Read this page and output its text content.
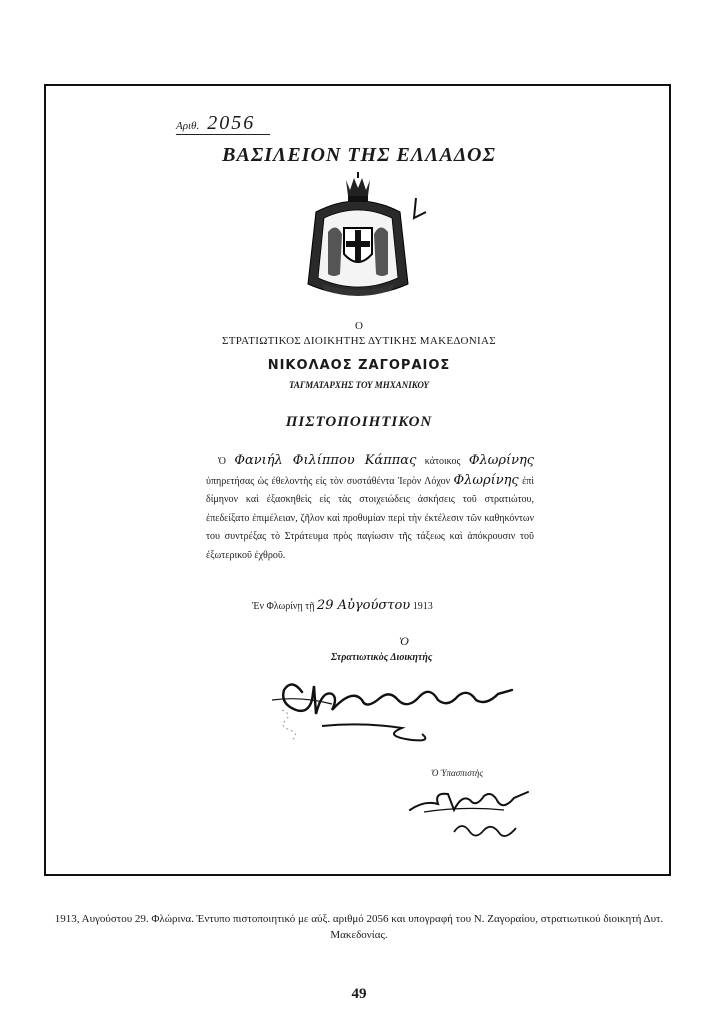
Αριθ. 2056
ΒΑΣΙΛΕΙΟΝ ΤΗΣ ΕΛΛΑΔΟΣ
Ο
ΣΤΡΑΤΙΩΤΙΚΟΣ ΔΙΟΙΚΗΤΗΣ ΔΥΤΙΚΗΣ ΜΑΚΕΔΟΝΙΑΣ
ΝΙΚΟΛΑΟΣ ΖΑΓΟΡΑΙΟΣ
ΤΑΓΜΑΤΑΡΧΗΣ ΤΟΥ ΜΗΧΑΝΙΚΟΥ
ΠΙΣΤΟΠΟΙΗΤΙΚΟΝ

Ὁ Φανιήλ Φιλίππου Κάππας κάτοικος Φλωρίνης ὑπηρετήσας ὡς ἐθελοντὴς εἰς τὸν συστάθέντα Ἱερὸν Λόχον Φλωρίνης ἐπὶ δίμηνον καὶ ἐξασκηθεὶς εἰς τὰς στοιχειώδεις ἀσκήσεις τοῦ στρατιώτου, ἐπεδείξατο ἐπιμέλειαν, ζῆλον καὶ προθυμίαν περὶ τὴν ἐκτέλεσιν τῶν καθηκόντων του συντρέξας τὸ Στράτευμα πρὸς παγίωσιν τῆς τάξεως καὶ ἀπόκρουσιν τοῦ ἐξωτερικοῦ ἐχθροῦ.

Ἐν Φλωρίνῃ τῇ 29 Αὐγούστου 1913
Ὁ
Στρατιωτικὸς Διοικητὴς
Ὁ Ὑπασπιστὴς
1913, Αυγούστου 29. Φλώρινα. Έντυπο πιστοποιητικό με αύξ. αριθμό 2056 και υπογραφή του Ν. Ζαγοραίου, στρατιωτικού διοικητή Δυτ. Μακεδονίας.
49
